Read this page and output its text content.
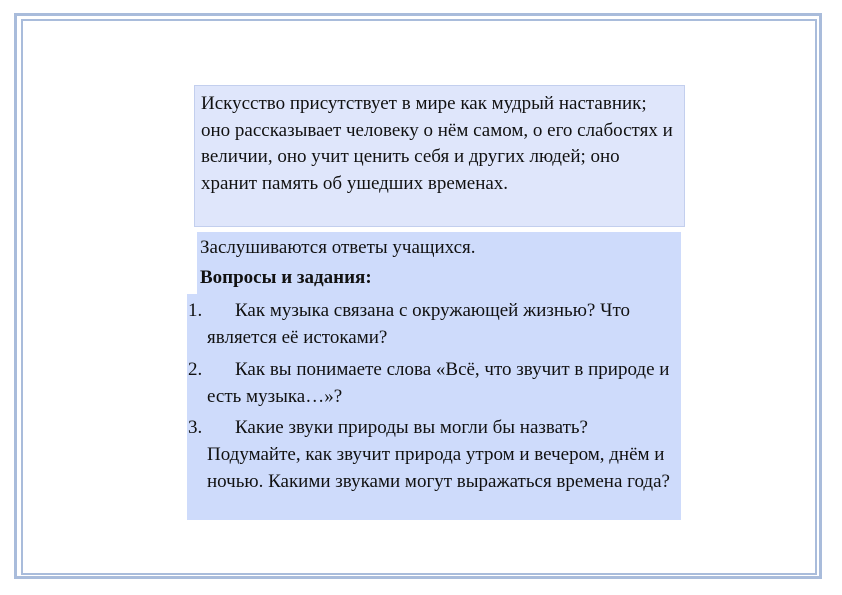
Искусство присутствует в мире как мудрый наставник; оно рассказывает человеку о нём самом, о его слабостях и величии, оно учит ценить себя и других людей; оно хранит память об ушедших временах.
Заслушиваются ответы учащихся.
Вопросы и задания:
1.	Как музыка связана с окружающей жизнью? Что является её истоками?
2.	Как вы понимаете слова «Всё, что звучит в природе и есть музыка…»?
3.	Какие звуки природы вы могли бы назвать? Подумайте, как звучит природа утром и вечером, днём и ночью. Какими звуками могут выражаться времена года?
